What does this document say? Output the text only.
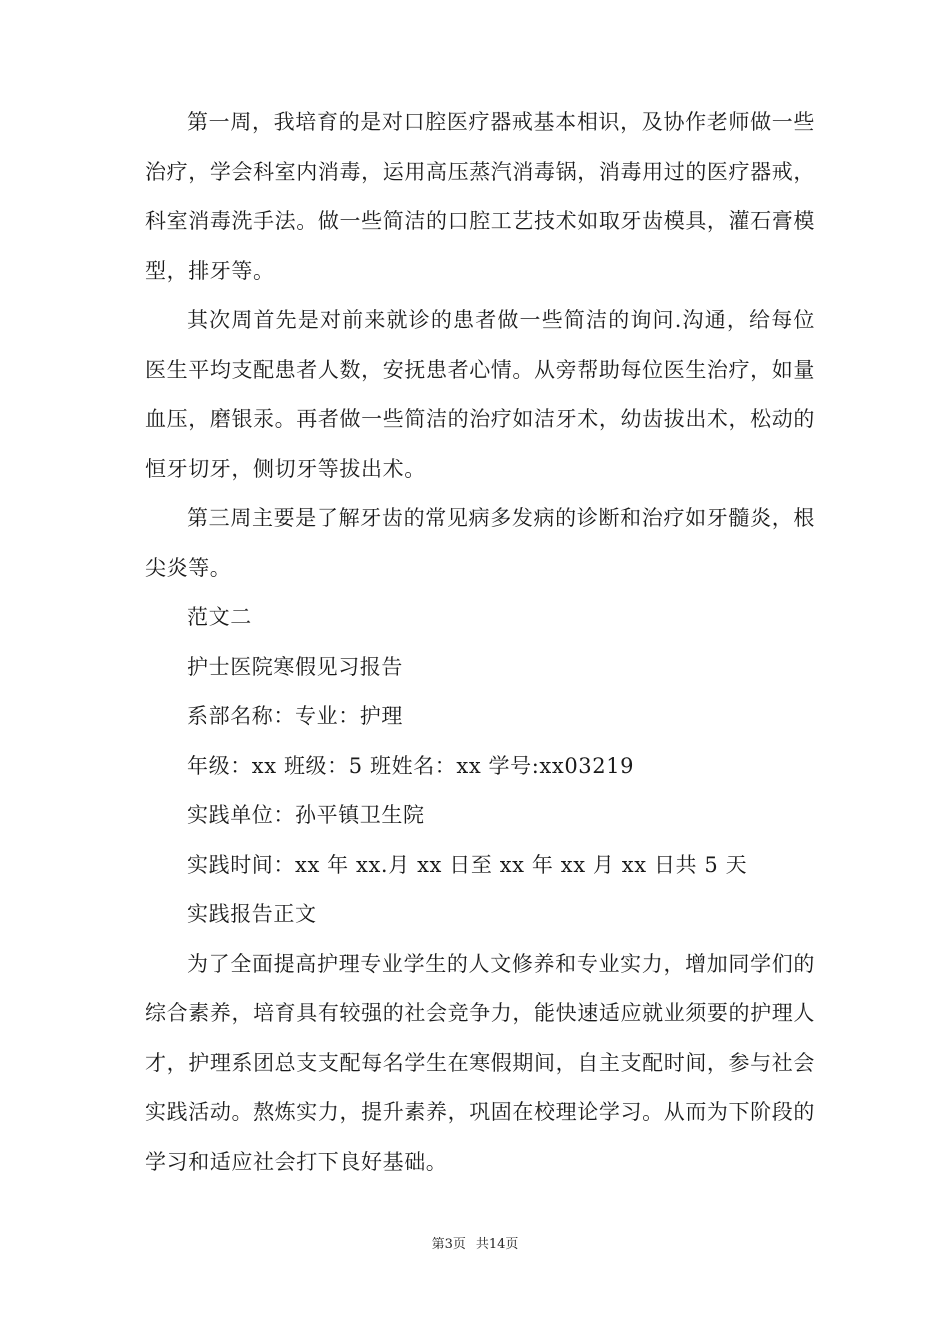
第一周，我培育的是对口腔医疗器戒基本相识，及协作老师做一些治疗，学会科室内消毒，运用高压蒸汽消毒锅，消毒用过的医疗器戒，科室消毒洗手法。做一些简洁的口腔工艺技术如取牙齿模具，灌石膏模型，排牙等。

其次周首先是对前来就诊的患者做一些简洁的询问.沟通，给每位医生平均支配患者人数，安抚患者心情。从旁帮助每位医生治疗，如量血压，磨银汞。再者做一些简洁的治疗如洁牙术，幼齿拔出术，松动的恒牙切牙，侧切牙等拔出术。

第三周主要是了解牙齿的常见病多发病的诊断和治疗如牙髓炎，根尖炎等。

范文二

护士医院寒假见习报告

系部名称：专业：护理

年级：xx 班级：5 班姓名：xx 学号:xx03219

实践单位：孙平镇卫生院

实践时间：xx 年 xx.月 xx 日至 xx 年 xx 月 xx 日共 5 天

实践报告正文

为了全面提高护理专业学生的人文修养和专业实力，增加同学们的综合素养，培育具有较强的社会竞争力，能快速适应就业须要的护理人才，护理系团总支支配每名学生在寒假期间，自主支配时间，参与社会实践活动。熬炼实力，提升素养，巩固在校理论学习。从而为下阶段的学习和适应社会打下良好基础。

第3页 共14页
